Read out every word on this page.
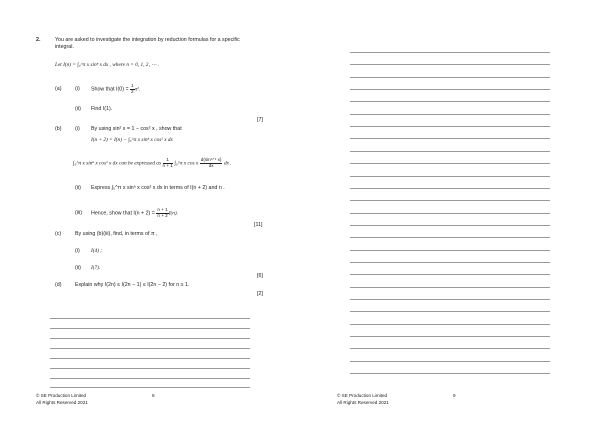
2.	You are asked to investigate the integration by reduction formulas for a specific integral.
Let I(n) = ∫₀^π x sinⁿ x dx , where n = 0, 1, 2, ⋯ .
(a)	(i) Show that $I(0) = \frac{1}{2} \pi^2$.
(ii) Find I(1).
[7]
(b)	(i) By using sin² x = 1 − cos² x , show that
I(n + 2) = I(n) − ∫₀^π x sinⁿ x cos² x dx
∫₀^π x sinⁿ x cos² x dx can be expressed as $\frac{1}{n + 1}$ ∫₀^π x cos x $\frac{\text{d(sinⁿ⁺¹ x)}}{dx}$ dx .
(ii) Express ∫₀^π x sinⁿ x cos² x dx in terms of I(n + 2) and n .
(iii) Hence, show that $I(n + 2) = \frac{n + 1}{n + 2} I(n)$.
[11]
(c)	By using (b)(iii), find, in terms of π ,
(i) I(4) ;
(ii) I(7).
[6]
(d)	Explain why I(2n) ≤ I(2n − 1) ≤ I(2n − 2) for n ≥ 1.
[2]
© SE Production Limited
All Rights Reserved 2021
8	© SE Production Limited
All Rights Reserved 2021
9
